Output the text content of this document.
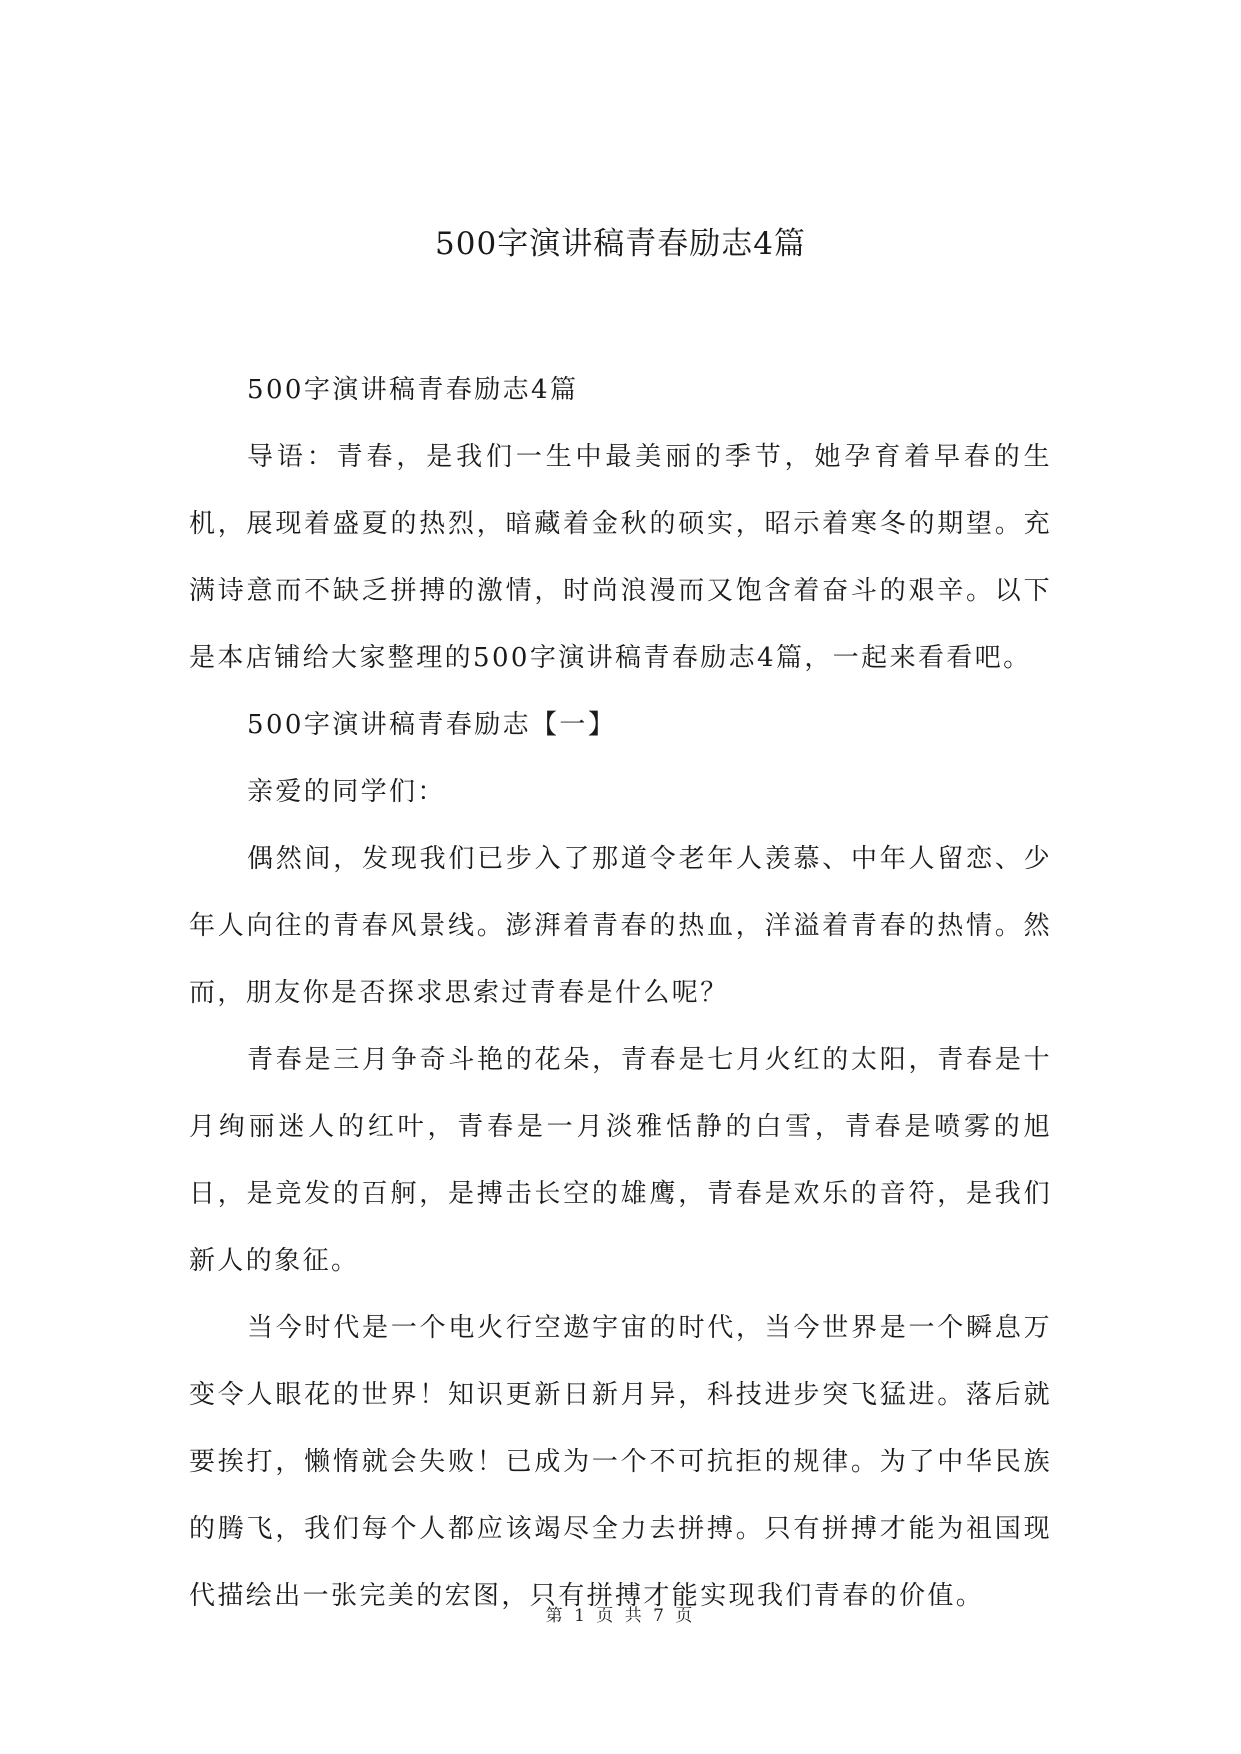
500字演讲稿青春励志4篇

500字演讲稿青春励志4篇

导语：青春，是我们一生中最美丽的季节，她孕育着早春的生机，展现着盛夏的热烈，暗藏着金秋的硕实，昭示着寒冬的期望。充满诗意而不缺乏拼搏的激情，时尚浪漫而又饱含着奋斗的艰辛。以下是本店铺给大家整理的500字演讲稿青春励志4篇，一起来看看吧。

500字演讲稿青春励志【一】

亲爱的同学们：

偶然间，发现我们已步入了那道令老年人羡慕、中年人留恋、少年人向往的青春风景线。澎湃着青春的热血，洋溢着青春的热情。然而，朋友你是否探求思索过青春是什么呢？

青春是三月争奇斗艳的花朵，青春是七月火红的太阳，青春是十月绚丽迷人的红叶，青春是一月淡雅恬静的白雪，青春是喷雾的旭日，是竞发的百舸，是搏击长空的雄鹰，青春是欢乐的音符，是我们新人的象征。

当今时代是一个电火行空遨宇宙的时代，当今世界是一个瞬息万变令人眼花的世界！知识更新日新月异，科技进步突飞猛进。落后就要挨打，懒惰就会失败！已成为一个不可抗拒的规律。为了中华民族的腾飞，我们每个人都应该竭尽全力去拼搏。只有拼搏才能为祖国现代描绘出一张完美的宏图，只有拼搏才能实现我们青春的价值。

第 1 页 共 7 页
